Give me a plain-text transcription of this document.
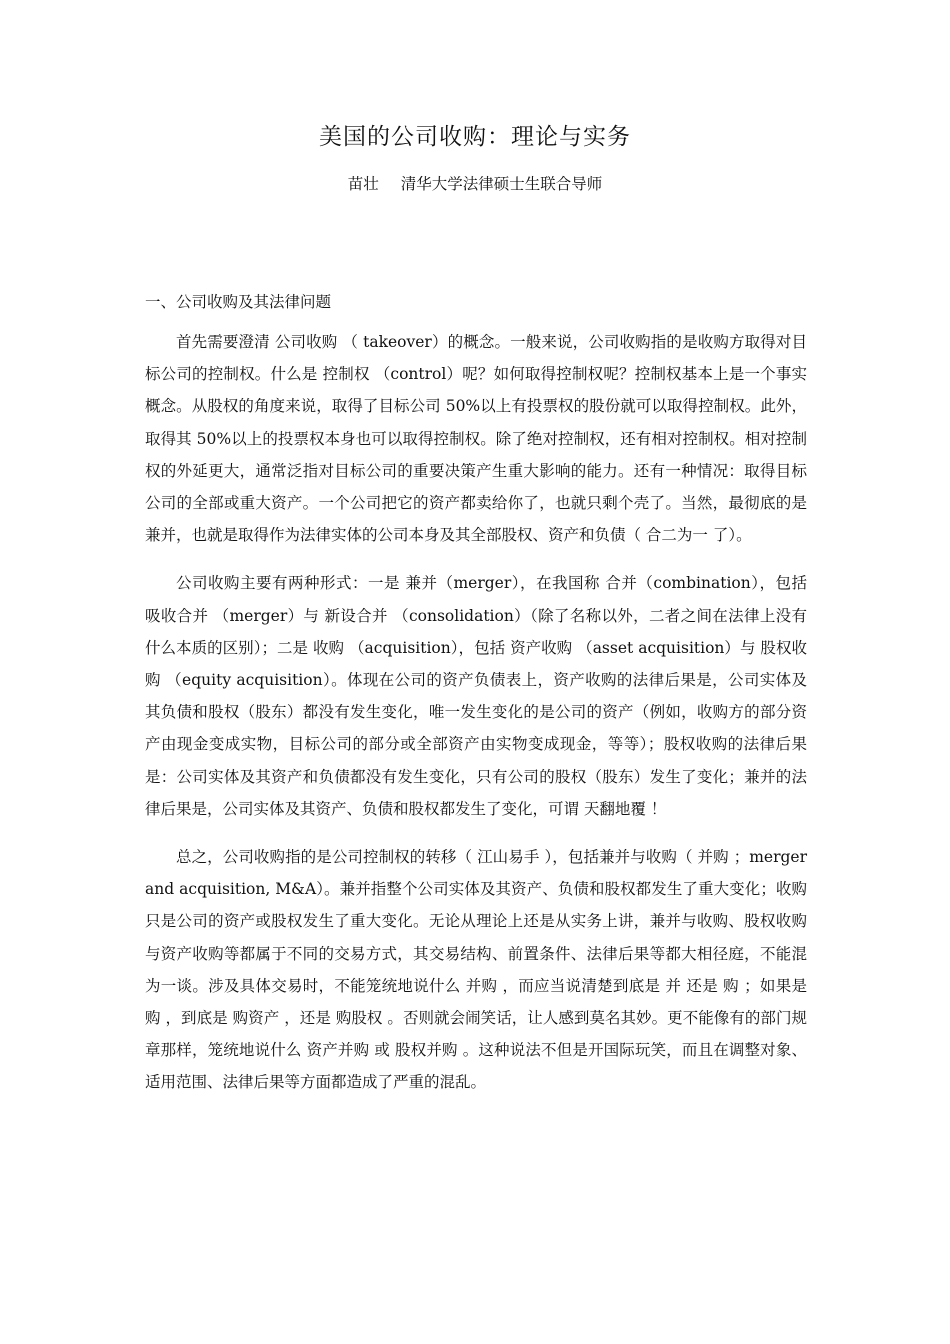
美国的公司收购：理论与实务

苗壮 清华大学法律硕士生联合导师

一、公司收购及其法律问题

首先需要澄清 公司收购 （ takeover）的概念。一般来说，公司收购指的是收购方取得对目标公司的控制权。什么是 控制权 （control）呢？如何取得控制权呢？控制权基本上是一个事实概念。从股权的角度来说，取得了目标公司 50%以上有投票权的股份就可以取得控制权。此外，取得其 50%以上的投票权本身也可以取得控制权。除了绝对控制权，还有相对控制权。相对控制权的外延更大，通常泛指对目标公司的重要决策产生重大影响的能力。还有一种情况：取得目标公司的全部或重大资产。一个公司把它的资产都卖给你了，也就只剩个壳了。当然，最彻底的是兼并，也就是取得作为法律实体的公司本身及其全部股权、资产和负债（ 合二为一 了）。

公司收购主要有两种形式：一是 兼并（merger），在我国称 合并（combination），包括 吸收合并 （merger）与 新设合并 （consolidation）（除了名称以外，二者之间在法律上没有什么本质的区别）；二是 收购 （acquisition），包括 资产收购 （asset acquisition）与 股权收购 （equity acquisition）。体现在公司的资产负债表上，资产收购的法律后果是，公司实体及其负债和股权（股东）都没有发生变化，唯一发生变化的是公司的资产（例如，收购方的部分资产由现金变成实物，目标公司的部分或全部资产由实物变成现金，等等）；股权收购的法律后果是：公司实体及其资产和负债都没有发生变化，只有公司的股权（股东）发生了变化；兼并的法律后果是，公司实体及其资产、负债和股权都发生了变化，可谓 天翻地覆 ！

总之，公司收购指的是公司控制权的转移（ 江山易手 ），包括兼并与收购（ 并购 ；merger and acquisition, M&A）。兼并指整个公司实体及其资产、负债和股权都发生了重大变化；收购只是公司的资产或股权发生了重大变化。无论从理论上还是从实务上讲，兼并与收购、股权收购与资产收购等都属于不同的交易方式，其交易结构、前置条件、法律后果等都大相径庭，不能混为一谈。涉及具体交易时，不能笼统地说什么 并购 ，而应当说清楚到底是 并 还是 购 ；如果是 购 ，到底是 购资产 ，还是 购股权 。否则就会闹笑话，让人感到莫名其妙。更不能像有的部门规章那样，笼统地说什么 资产并购 或 股权并购 。这种说法不但是开国际玩笑，而且在调整对象、适用范围、法律后果等方面都造成了严重的混乱。
